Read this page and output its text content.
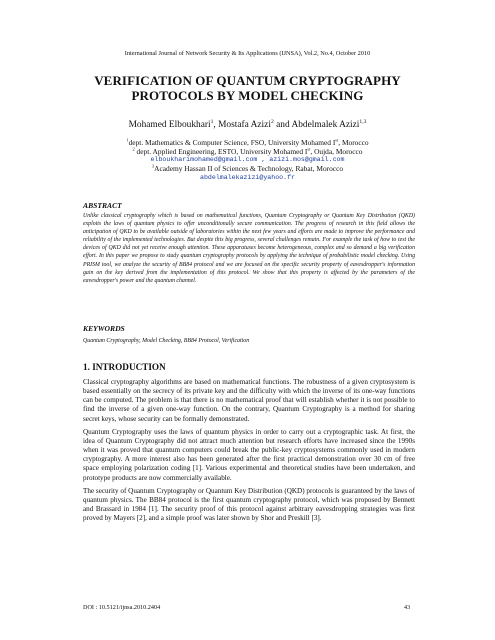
International Journal of Network Security & Its Applications (IJNSA), Vol.2, No.4, October 2010
VERIFICATION OF QUANTUM CRYPTOGRAPHY
PROTOCOLS BY MODEL CHECKING
Mohamed Elboukhari$^1$, Mostafa Azizi$^2$ and Abdelmalek Azizi$^{1,3}$
$^1$dept. Mathematics & Computer Science, FSO, University Mohamed Ist, Morocco
$^2$ dept. Applied Engineering, ESTO, University Mohamed Ist, Oujda, Morocco
elboukharimohamed@gmail.com , azizi.mos@gmail.com
$^3$Academy Hassan II of Sciences & Technology, Rabat, Morocco
abdelmalekazizi@yahoo.fr
ABSTRACT
Unlike classical cryptography which is based on mathematical functions, Quantum Cryptography or Quantum Key Distribution (QKD) exploits the laws of quantum physics to offer unconditionally secure communication. The progress of research in this field allows the anticipation of QKD to be available outside of laboratories within the next few years and efforts are made to improve the performance and reliability of the implemented technologies. But despite this big progress, several challenges remain. For example the task of how to test the devices of QKD did not yet receive enough attention. These apparatuses become heterogeneous, complex and so demand a big verification effort. In this paper we propose to study quantum cryptography protocols by applying the technique of probabilistic model checking. Using PRISM tool, we analyze the security of BB84 protocol and we are focused on the specific security property of eavesdropper's information gain on the key derived from the implementation of this protocol. We show that this property is affected by the parameters of the eavesdropper's power and the quantum channel.
KEYWORDS
Quantum Cryptography, Model Checking, BB84 Protocol, Verification
1. INTRODUCTION

Classical cryptography algorithms are based on mathematical functions. The robustness of a given cryptosystem is based essentially on the secrecy of its private key and the difficulty with which the inverse of its one-way functions can be computed. The problem is that there is no mathematical proof that will establish whether it is not possible to find the inverse of a given one-way function. On the contrary, Quantum Cryptography is a method for sharing secret keys, whose security can be formally demonstrated.

Quantum Cryptography uses the laws of quantum physics in order to carry out a cryptographic task. At first, the idea of Quantum Cryptography did not attract much attention but research efforts have increased since the 1990s when it was proved that quantum computers could break the public-key cryptosystems commonly used in modern cryptography. A more interest also has been generated after the first practical demonstration over 30 cm of free space employing polarization coding [1]. Various experimental and theoretical studies have been undertaken, and prototype products are now commercially available.

The security of Quantum Cryptography or Quantum Key Distribution (QKD) protocols is guaranteed by the laws of quantum physics. The BB84 protocol is the first quantum cryptography protocol, which was proposed by Bennett and Brassard in 1984 [1]. The security proof of this protocol against arbitrary eavesdropping strategies was first proved by Mayers [2], and a simple proof was later shown by Shor and Preskill [3].

DOI : 10.5121/ijnsa.2010.2404	43
